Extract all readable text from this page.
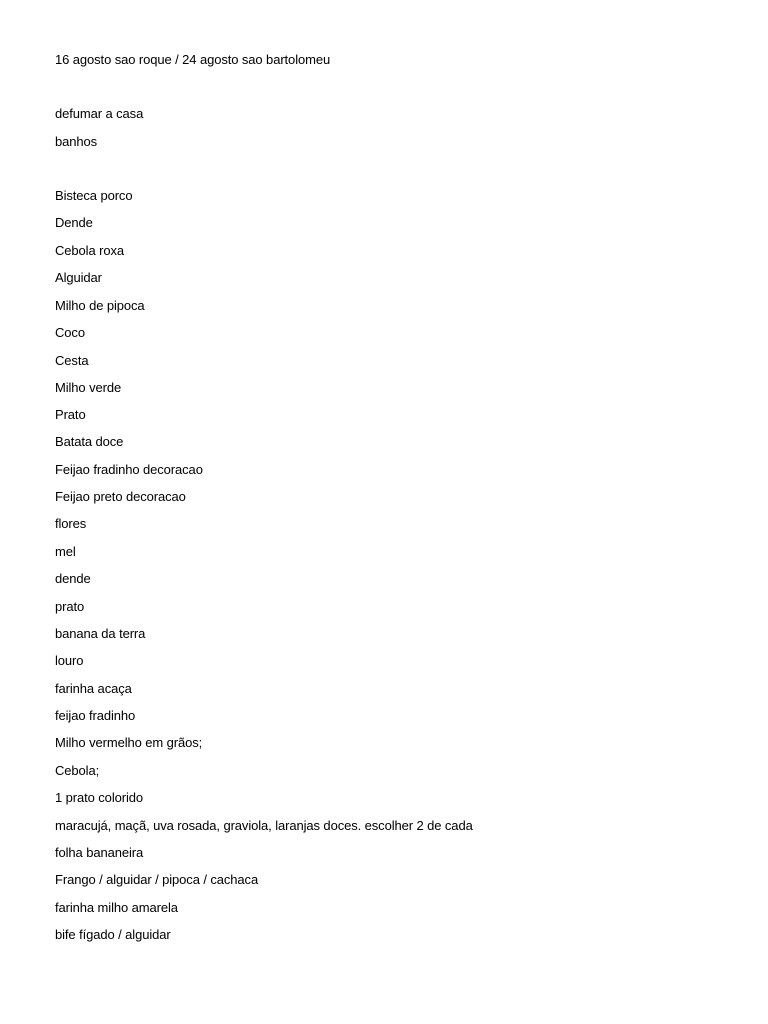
16 agosto sao roque / 24 agosto sao bartolomeu
defumar a casa
banhos
Bisteca porco
Dende
Cebola roxa
Alguidar
Milho de pipoca
Coco
Cesta
Milho verde
Prato
Batata doce
Feijao fradinho decoracao
Feijao preto decoracao
flores
mel
dende
prato
banana da terra
louro
farinha acaça
feijao fradinho
Milho vermelho em grãos;
Cebola;
1 prato colorido
maracujá, maçã, uva rosada, graviola, laranjas doces. escolher 2 de cada
folha bananeira
Frango / alguidar / pipoca / cachaca
farinha milho amarela
bife fígado / alguidar
